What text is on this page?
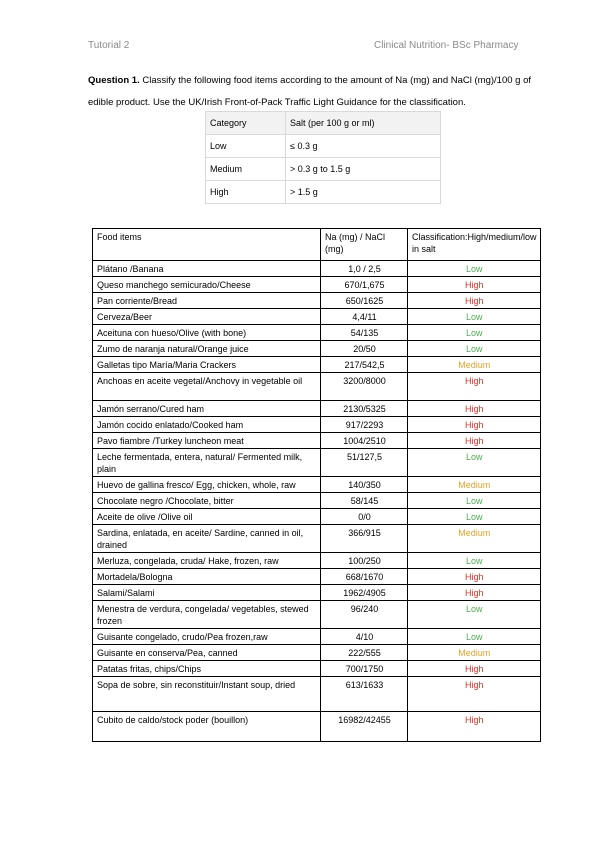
Tutorial 2	Clinical Nutrition- BSc Pharmacy
Question 1. Classify the following food items according to the amount of Na (mg) and NaCl (mg)/100 g of edible product. Use the UK/Irish Front-of-Pack Traffic Light Guidance for the classification.
Category	Salt (per 100 g or ml)
Low	≤ 0.3 g
Medium	> 0.3 g to 1.5 g
High	> 1.5 g
Food items	Na (mg) / NaCl (mg)	Classification:High/medium/low in salt
Plátano /Banana	1,0 / 2,5	Low
Queso manchego semicurado/Cheese	670/1,675	High
Pan corriente/Bread	650/1625	High
Cerveza/Beer	4,4/11	Low
Aceituna con hueso/Olive (with bone)	54/135	Low
Zumo de naranja natural/Orange juice	20/50	Low
Galletas tipo María/Maria Crackers	217/542,5	Medium
Anchoas en aceite vegetal/Anchovy in vegetable oil	3200/8000	High
Jamón serrano/Cured ham	2130/5325	High
Jamón cocido enlatado/Cooked ham	917/2293	High
Pavo fiambre /Turkey luncheon meat	1004/2510	High
Leche fermentada, entera, natural/ Fermented milk, plain	51/127,5	Low
Huevo de gallina fresco/ Egg, chicken, whole, raw	140/350	Medium
Chocolate negro /Chocolate, bitter	58/145	Low
Aceite de olive /Olive oil	0/0	Low
Sardina, enlatada, en aceite/ Sardine, canned in oil, drained	366/915	Medium
Merluza, congelada, cruda/ Hake, frozen, raw	100/250	Low
Mortadela/Bologna	668/1670	High
Salami/Salami	1962/4905	High
Menestra de verdura, congelada/ vegetables, stewed frozen	96/240	Low
Guisante congelado, crudo/Pea frozen,raw	4/10	Low
Guisante en conserva/Pea, canned	222/555	Medium
Patatas fritas, chips/Chips	700/1750	High
Sopa de sobre, sin reconstituir/Instant soup, dried	613/1633	High
Cubito de caldo/stock poder (bouillon)	16982/42455	High
